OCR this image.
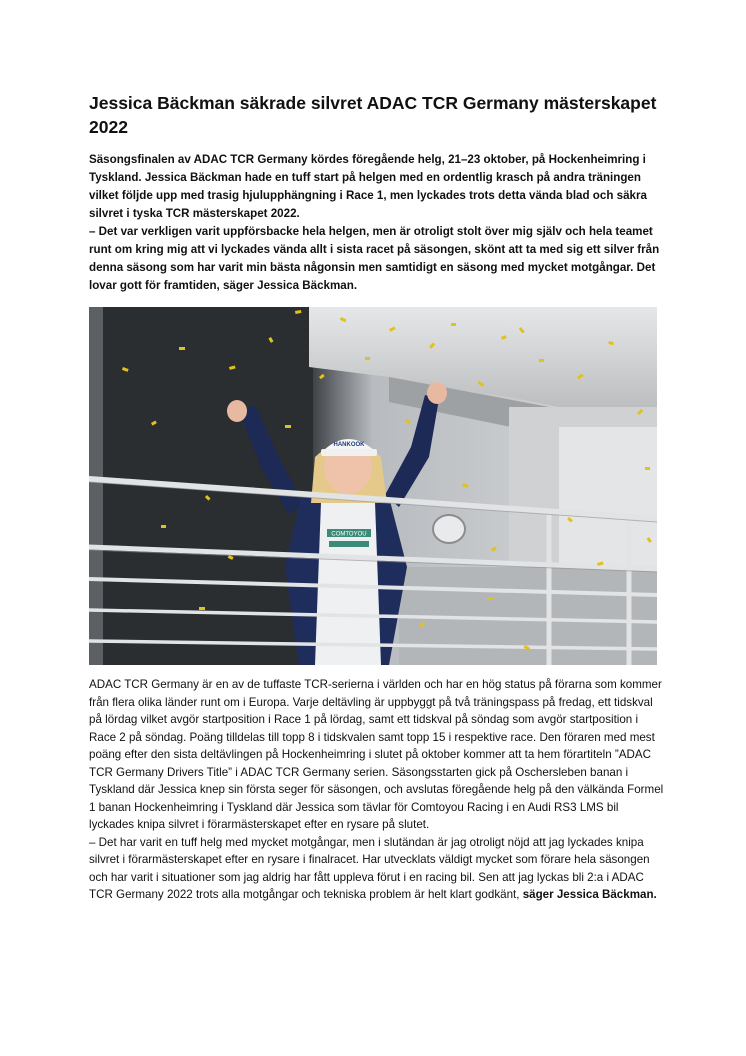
Jessica Bäckman säkrade silvret ADAC TCR Germany mästerskapet 2022

Säsongsfinalen av ADAC TCR Germany kördes föregående helg, 21–23 oktober, på Hockenheimring i Tyskland. Jessica Bäckman hade en tuff start på helgen med en ordentlig krasch på andra träningen vilket följde upp med trasig hjulupphängning i Race 1, men lyckades trots detta vända blad och säkra silvret i tyska TCR mästerskapet 2022.

– Det var verkligen varit uppförsbacke hela helgen, men är otroligt stolt över mig själv och hela teamet runt om kring mig att vi lyckades vända allt i sista racet på säsongen, skönt att ta med sig ett silver från denna säsong som har varit min bästa någonsin men samtidigt en säsong med mycket motgångar. Det lovar gott för framtiden, säger Jessica Bäckman.

COMTOYOU
HANKOOK

ADAC TCR Germany är en av de tuffaste TCR-serierna i världen och har en hög status på förarna som kommer från flera olika länder runt om i Europa. Varje deltävling är uppbyggt på två träningspass på fredag, ett tidskval på lördag vilket avgör startposition i Race 1 på lördag, samt ett tidskval på söndag som avgör startposition i Race 2 på söndag. Poäng tilldelas till topp 8 i tidskvalen samt topp 15 i respektive race. Den föraren med mest poäng efter den sista deltävlingen på Hockenheimring i slutet på oktober kommer att ta hem förartiteln ”ADAC TCR Germany Drivers Title” i ADAC TCR Germany serien. Säsongsstarten gick på Oschersleben banan i Tyskland där Jessica knep sin första seger för säsongen, och avslutas föregående helg på den välkända Formel 1 banan Hockenheimring i Tyskland där Jessica som tävlar för Comtoyou Racing i en Audi RS3 LMS bil lyckades knipa silvret i förarmästerskapet efter en rysare på slutet.

– Det har varit en tuff helg med mycket motgångar, men i slutändan är jag otroligt nöjd att jag lyckades knipa silvret i förarmästerskapet efter en rysare i finalracet. Har utvecklats väldigt mycket som förare hela säsongen och har varit i situationer som jag aldrig har fått uppleva förut i en racing bil. Sen att jag lyckas bli 2:a i ADAC TCR Germany 2022 trots alla motgångar och tekniska problem är helt klart godkänt, säger Jessica Bäckman.
